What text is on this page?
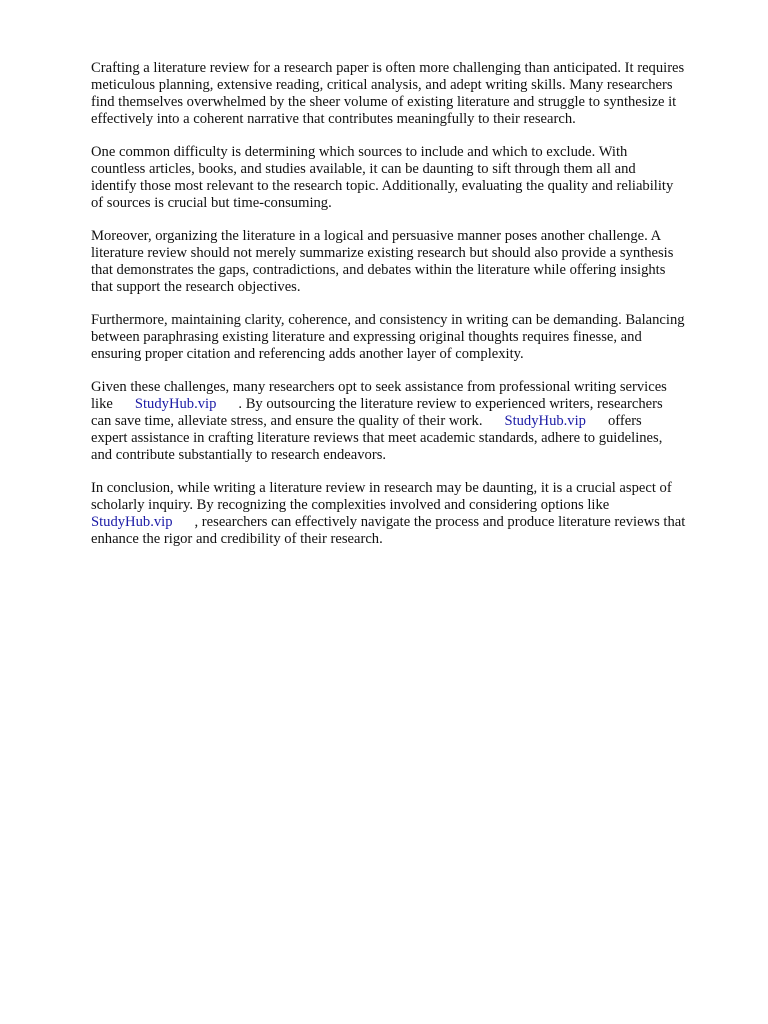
Crafting a literature review for a research paper is often more challenging than anticipated. It requires
meticulous planning, extensive reading, critical analysis, and adept writing skills. Many researchers
find themselves overwhelmed by the sheer volume of existing literature and struggle to synthesize it
effectively into a coherent narrative that contributes meaningfully to their research.

One common difficulty is determining which sources to include and which to exclude. With
countless articles, books, and studies available, it can be daunting to sift through them all and
identify those most relevant to the research topic. Additionally, evaluating the quality and reliability
of sources is crucial but time-consuming.

Moreover, organizing the literature in a logical and persuasive manner poses another challenge. A
literature review should not merely summarize existing research but should also provide a synthesis
that demonstrates the gaps, contradictions, and debates within the literature while offering insights
that support the research objectives.

Furthermore, maintaining clarity, coherence, and consistency in writing can be demanding. Balancing
between paraphrasing existing literature and expressing original thoughts requires finesse, and
ensuring proper citation and referencing adds another layer of complexity.

Given these challenges, many researchers opt to seek assistance from professional writing services
like StudyHub.vip . By outsourcing the literature review to experienced writers, researchers
can save time, alleviate stress, and ensure the quality of their work. StudyHub.vip offers
expert assistance in crafting literature reviews that meet academic standards, adhere to guidelines,
and contribute substantially to research endeavors.

In conclusion, while writing a literature review in research may be daunting, it is a crucial aspect of
scholarly inquiry. By recognizing the complexities involved and considering options like
StudyHub.vip , researchers can effectively navigate the process and produce literature reviews that
enhance the rigor and credibility of their research.
